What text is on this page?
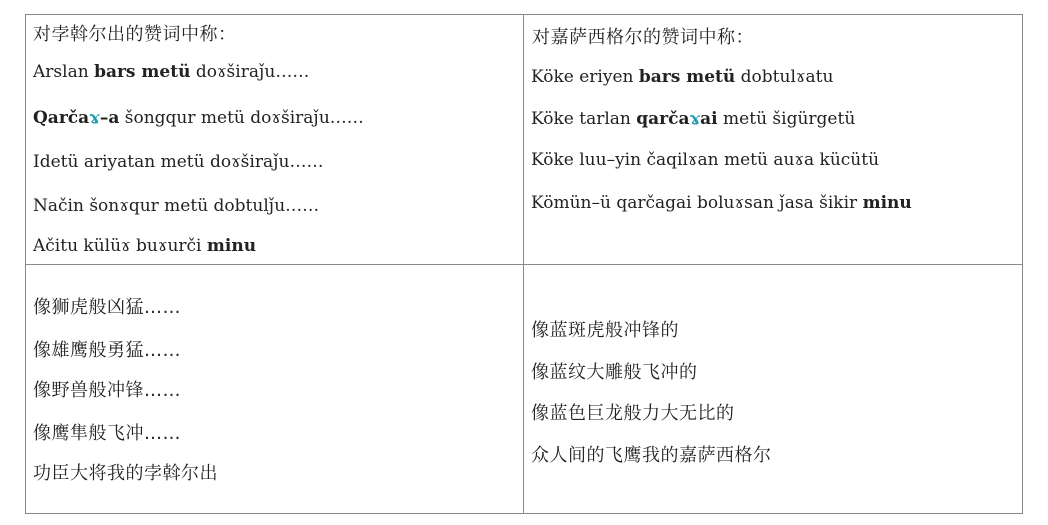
对孛斡尔出的赞词中称：
Arslan bars metü doɤširaǰu……
Qarčaɤ–a šongqur metü doɤširaǰu……
Idetü ariyatan metü doɤširaǰu……
Način šonɤqur metü dobtulǰu……
Ačitu külüɤ buɤurči minu
对嘉萨西格尔的赞词中称：
Köke eriyen bars metü dobtulɤatu
Köke tarlan qarčaɤai metü šigürgetü
Köke luu–yin čaqilɤan metü auɤa kücütü
Kömün–ü qarčagai boluɤsan ǰasa šikir minu
像狮虎般凶猛……
像雄鹰般勇猛……
像野兽般冲锋……
像鹰隼般飞冲……
功臣大将我的孛斡尔出
像蓝斑虎般冲锋的
像蓝纹大雕般飞冲的
像蓝色巨龙般力大无比的
众人间的飞鹰我的嘉萨西格尔
